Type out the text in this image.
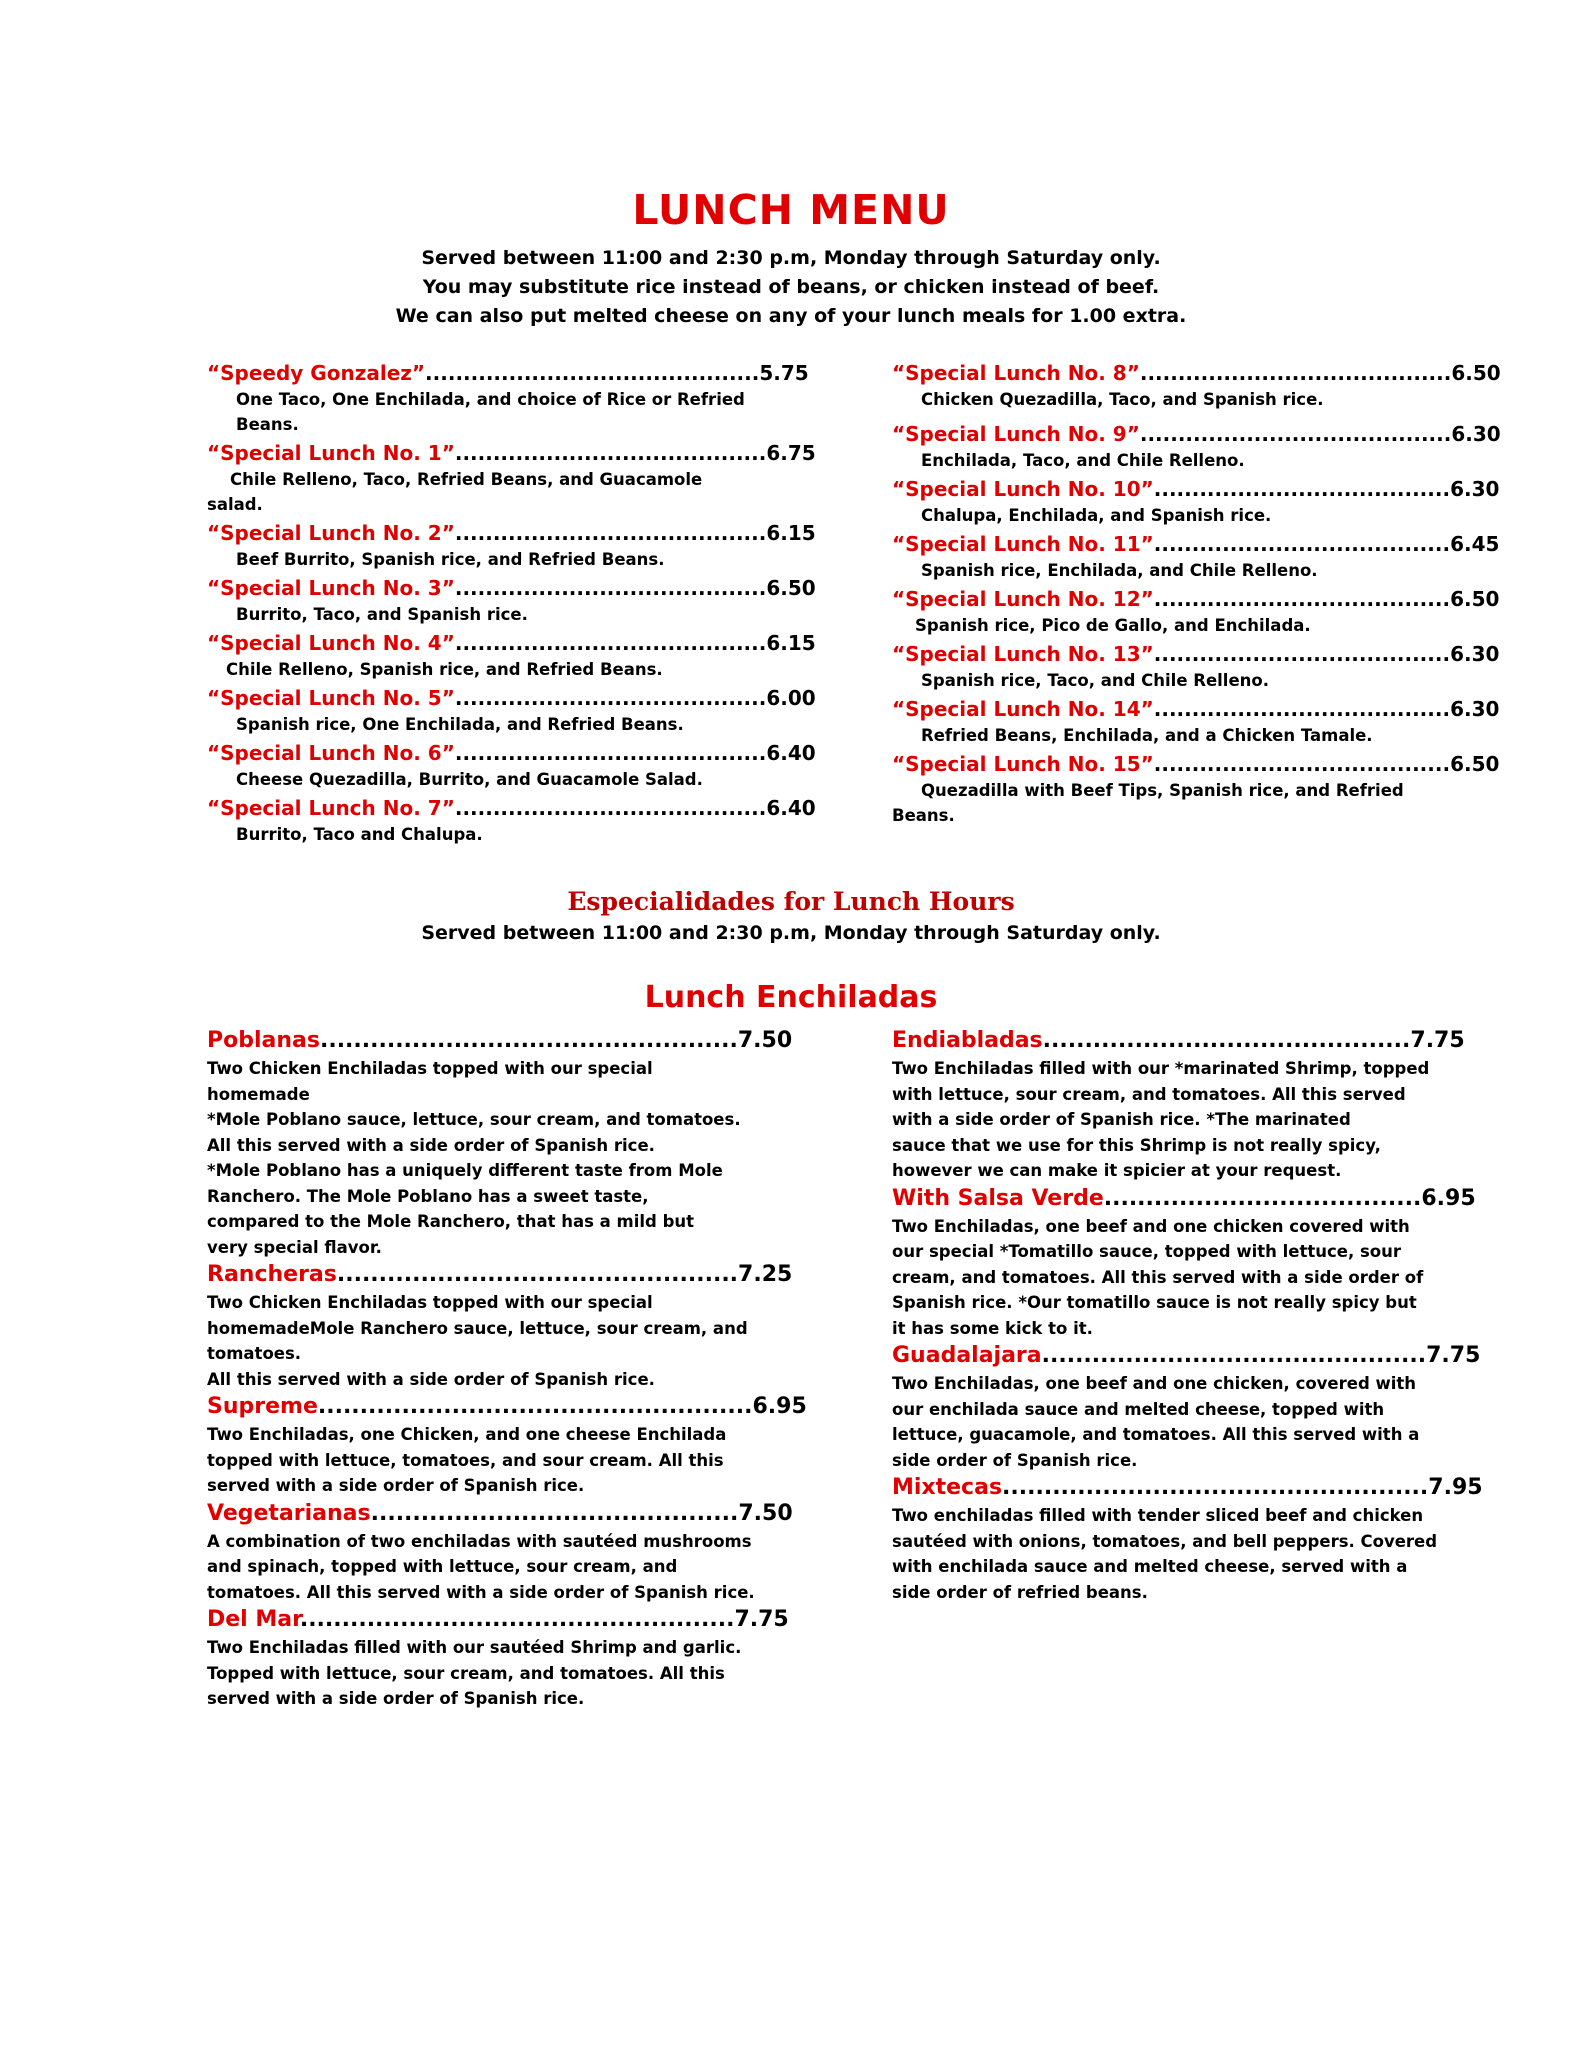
LUNCH MENU
Served between 11:00 and 2:30 p.m, Monday through Saturday only.
You may substitute rice instead of beans, or chicken instead of beef.
We can also put melted cheese on any of your lunch meals for 1.00 extra.
“Speedy Gonzalez”............................................5.75
One Taco, One Enchilada, and choice of Rice or Refried
Beans.
“Special Lunch No. 1”.........................................6.75
Chile Relleno, Taco, Refried Beans, and Guacamole
salad.
“Special Lunch No. 2”.........................................6.15
Beef Burrito, Spanish rice, and Refried Beans.
“Special Lunch No. 3”.........................................6.50
Burrito, Taco, and Spanish rice.
“Special Lunch No. 4”.........................................6.15
Chile Relleno, Spanish rice, and Refried Beans.
“Special Lunch No. 5”.........................................6.00
Spanish rice, One Enchilada, and Refried Beans.
“Special Lunch No. 6”.........................................6.40
Cheese Quezadilla, Burrito, and Guacamole Salad.
“Special Lunch No. 7”.........................................6.40
Burrito, Taco and Chalupa.
“Special Lunch No. 8”.........................................6.50
Chicken Quezadilla, Taco, and Spanish rice.
“Special Lunch No. 9”.........................................6.30
Enchilada, Taco, and Chile Relleno.
“Special Lunch No. 10”.......................................6.30
Chalupa, Enchilada, and Spanish rice.
“Special Lunch No. 11”.......................................6.45
Spanish rice, Enchilada, and Chile Relleno.
“Special Lunch No. 12”.......................................6.50
Spanish rice, Pico de Gallo, and Enchilada.
“Special Lunch No. 13”.......................................6.30
Spanish rice, Taco, and Chile Relleno.
“Special Lunch No. 14”.......................................6.30
Refried Beans, Enchilada, and a Chicken Tamale.
“Special Lunch No. 15”.......................................6.50
Quezadilla with Beef Tips, Spanish rice, and Refried
Beans.
Especialidades for Lunch Hours
Served between 11:00 and 2:30 p.m, Monday through Saturday only.
Lunch Enchiladas
Poblanas..................................................7.50
Two Chicken Enchiladas topped with our special
homemade
*Mole Poblano sauce, lettuce, sour cream, and tomatoes.
All this served with a side order of Spanish rice.
*Mole Poblano has a uniquely different taste from Mole
Ranchero. The Mole Poblano has a sweet taste,
compared to the Mole Ranchero, that has a mild but
very special flavor.
Rancheras................................................7.25
Two Chicken Enchiladas topped with our special
homemadeMole Ranchero sauce, lettuce, sour cream, and
tomatoes.
All this served with a side order of Spanish rice.
Supreme....................................................6.95
Two Enchiladas, one Chicken, and one cheese Enchilada
topped with lettuce, tomatoes, and sour cream. All this
served with a side order of Spanish rice.
Vegetarianas............................................7.50
A combination of two enchiladas with sautéed mushrooms
and spinach, topped with lettuce, sour cream, and
tomatoes. All this served with a side order of Spanish rice.
Del Mar....................................................7.75
Two Enchiladas filled with our sautéed Shrimp and garlic.
Topped with lettuce, sour cream, and tomatoes. All this
served with a side order of Spanish rice.
Endiabladas............................................7.75
Two Enchiladas filled with our *marinated Shrimp, topped
with lettuce, sour cream, and tomatoes. All this served
with a side order of Spanish rice. *The marinated
sauce that we use for this Shrimp is not really spicy,
however we can make it spicier at your request.
With Salsa Verde......................................6.95
Two Enchiladas, one beef and one chicken covered with
our special *Tomatillo sauce, topped with lettuce, sour
cream, and tomatoes. All this served with a side order of
Spanish rice. *Our tomatillo sauce is not really spicy but
it has some kick to it.
Guadalajara..............................................7.75
Two Enchiladas, one beef and one chicken, covered with
our enchilada sauce and melted cheese, topped with
lettuce, guacamole, and tomatoes. All this served with a
side order of Spanish rice.
Mixtecas...................................................7.95
Two enchiladas filled with tender sliced beef and chicken
sautéed with onions, tomatoes, and bell peppers. Covered
with enchilada sauce and melted cheese, served with a
side order of refried beans.
